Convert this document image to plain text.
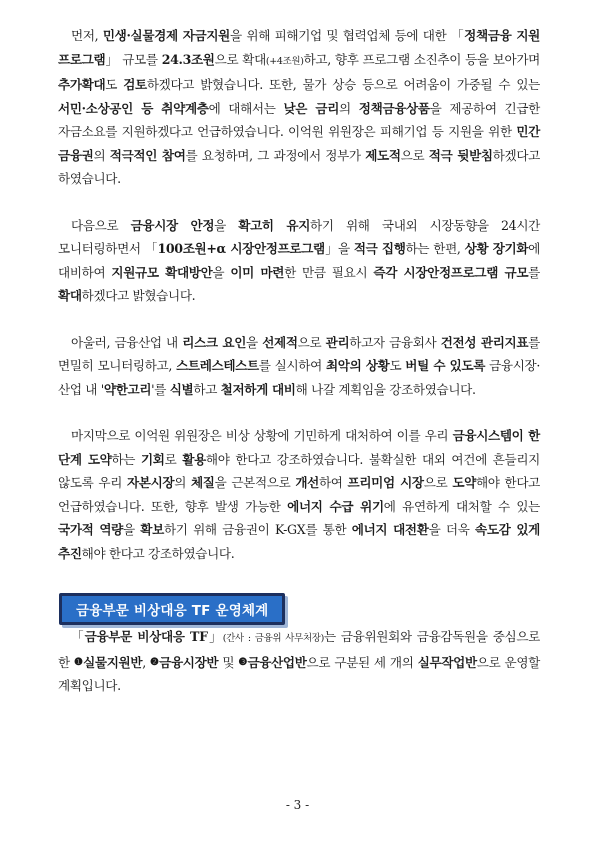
먼저, 민생·실물경제 자금지원을 위해 피해기업 및 협력업체 등에 대한 「정책금융 지원 프로그램」 규모를 24.3조원으로 확대(+4조원)하고, 향후 프로그램 소진추이 등을 보아가며 추가확대도 검토하겠다고 밝혔습니다. 또한, 물가 상승 등으로 어려움이 가중될 수 있는 서민·소상공인 등 취약계층에 대해서는 낮은 금리의 정책금융상품을 제공하여 긴급한 자금소요를 지원하겠다고 언급하였습니다. 이억원 위원장은 피해기업 등 지원을 위한 민간 금융권의 적극적인 참여를 요청하며, 그 과정에서 정부가 제도적으로 적극 뒷받침하겠다고 하였습니다.

다음으로 금융시장 안정을 확고히 유지하기 위해 국내외 시장동향을 24시간 모니터링하면서 「100조원+α 시장안정프로그램」을 적극 집행하는 한편, 상황 장기화에 대비하여 지원규모 확대방안을 이미 마련한 만큼 필요시 즉각 시장안정프로그램 규모를 확대하겠다고 밝혔습니다.

아울러, 금융산업 내 리스크 요인을 선제적으로 관리하고자 금융회사 건전성 관리지표를 면밀히 모니터링하고, 스트레스테스트를 실시하여 최악의 상황도 버틸 수 있도록 금융시장·산업 내 '약한고리'를 식별하고 철저하게 대비해 나갈 계획임을 강조하였습니다.

마지막으로 이억원 위원장은 비상 상황에 기민하게 대처하여 이를 우리 금융시스템이 한 단계 도약하는 기회로 활용해야 한다고 강조하였습니다. 불확실한 대외 여건에 흔들리지 않도록 우리 자본시장의 체질을 근본적으로 개선하여 프리미엄 시장으로 도약해야 한다고 언급하였습니다. 또한, 향후 발생 가능한 에너지 수급 위기에 유연하게 대처할 수 있는 국가적 역량을 확보하기 위해 금융권이 K-GX를 통한 에너지 대전환을 더욱 속도감 있게 추진해야 한다고 강조하였습니다.

금융부문 비상대응 TF 운영체계

「금융부문 비상대응 TF」(간사 : 금융위 사무처장)는 금융위원회와 금융감독원을 중심으로 한 ❶실물지원반, ❷금융시장반 및 ❸금융산업반으로 구분된 세 개의 실무작업반으로 운영할 계획입니다.

- 3 -
